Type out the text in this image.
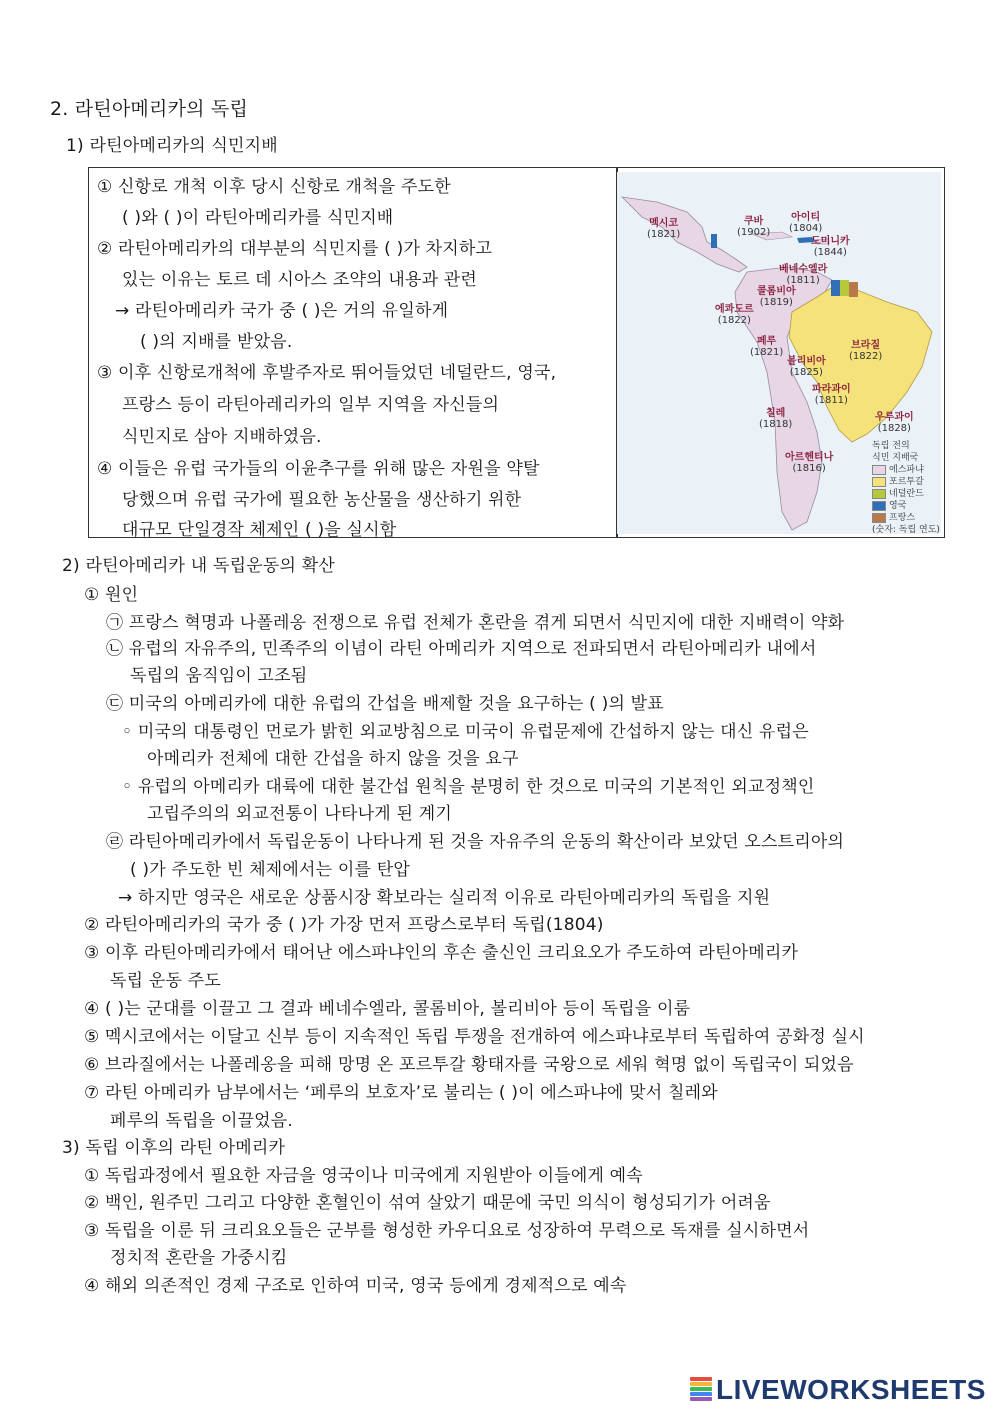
2. 라틴아메리카의 독립
1) 라틴아메리카의 식민지배
① 신항로 개척 이후 당시 신항로 개척을 주도한
( )와 ( )이 라틴아메리카를 식민지배
② 라틴아메리카의 대부분의 식민지를 ( )가 차지하고
있는 이유는 토르 데 시아스 조약의 내용과 관련
→ 라틴아메리카 국가 중 ( )은 거의 유일하게
( )의 지배를 받았음.
③ 이후 신항로개척에 후발주자로 뛰어들었던 네덜란드, 영국,
프랑스 등이 라틴아레리카의 일부 지역을 자신들의
식민지로 삼아 지배하였음.
④ 이들은 유럽 국가들의 이윤추구를 위해 많은 자원을 약탈
당했으며 유럽 국가에 필요한 농산물을 생산하기 위한
대규모 단일경작 체제인 ( )을 실시함
멕시코
(1821)
쿠바
(1902)
아이티
(1804)
도미니카
(1844)
베네수엘라
(1811)
콜롬비아
(1819)
에콰도르
(1822)
페루
(1821)
브라질
(1822)
볼리비아
(1825)
파라과이
(1811)
칠레
(1818)
우루과이
(1828)
아르헨티나
(1816)
독립 전의
식민 지배국
에스파냐
포르투갈
네덜란드
영국
프랑스
(숫자: 독립 연도)
2) 라틴아메리카 내 독립운동의 확산
① 원인
㉠ 프랑스 혁명과 나폴레옹 전쟁으로 유럽 전체가 혼란을 겪게 되면서 식민지에 대한 지배력이 약화
㉡ 유럽의 자유주의, 민족주의 이념이 라틴 아메리카 지역으로 전파되면서 라틴아메리카 내에서
독립의 움직임이 고조됨
㉢ 미국의 아메리카에 대한 유럽의 간섭을 배제할 것을 요구하는 ( )의 발표
◦ 미국의 대통령인 먼로가 밝힌 외교방침으로 미국이 유럽문제에 간섭하지 않는 대신 유럽은
아메리카 전체에 대한 간섭을 하지 않을 것을 요구
◦ 유럽의 아메리카 대륙에 대한 불간섭 원칙을 분명히 한 것으로 미국의 기본적인 외교정책인
고립주의의 외교전통이 나타나게 된 계기
㉣ 라틴아메리카에서 독립운동이 나타나게 된 것을 자유주의 운동의 확산이라 보았던 오스트리아의
( )가 주도한 빈 체제에서는 이를 탄압
→ 하지만 영국은 새로운 상품시장 확보라는 실리적 이유로 라틴아메리카의 독립을 지원
② 라틴아메리카의 국가 중 ( )가 가장 먼저 프랑스로부터 독립(1804)
③ 이후 라틴아메리카에서 태어난 에스파냐인의 후손 출신인 크리요오가 주도하여 라틴아메리카
독립 운동 주도
④ ( )는 군대를 이끌고 그 결과 베네수엘라, 콜롬비아, 볼리비아 등이 독립을 이룸
⑤ 멕시코에서는 이달고 신부 등이 지속적인 독립 투쟁을 전개하여 에스파냐로부터 독립하여 공화정 실시
⑥ 브라질에서는 나폴레옹을 피해 망명 온 포르투갈 황태자를 국왕으로 세워 혁명 없이 독립국이 되었음
⑦ 라틴 아메리카 남부에서는 ‘페루의 보호자’로 불리는 ( )이 에스파냐에 맞서 칠레와
페루의 독립을 이끌었음.
3) 독립 이후의 라틴 아메리카
① 독립과정에서 필요한 자금을 영국이나 미국에게 지원받아 이들에게 예속
② 백인, 원주민 그리고 다양한 혼혈인이 섞여 살았기 때문에 국민 의식이 형성되기가 어려움
③ 독립을 이룬 뒤 크리요오들은 군부를 형성한 카우디요로 성장하여 무력으로 독재를 실시하면서
정치적 혼란을 가중시킴
④ 해외 의존적인 경제 구조로 인하여 미국, 영국 등에게 경제적으로 예속
LIVEWORKSHEETS
